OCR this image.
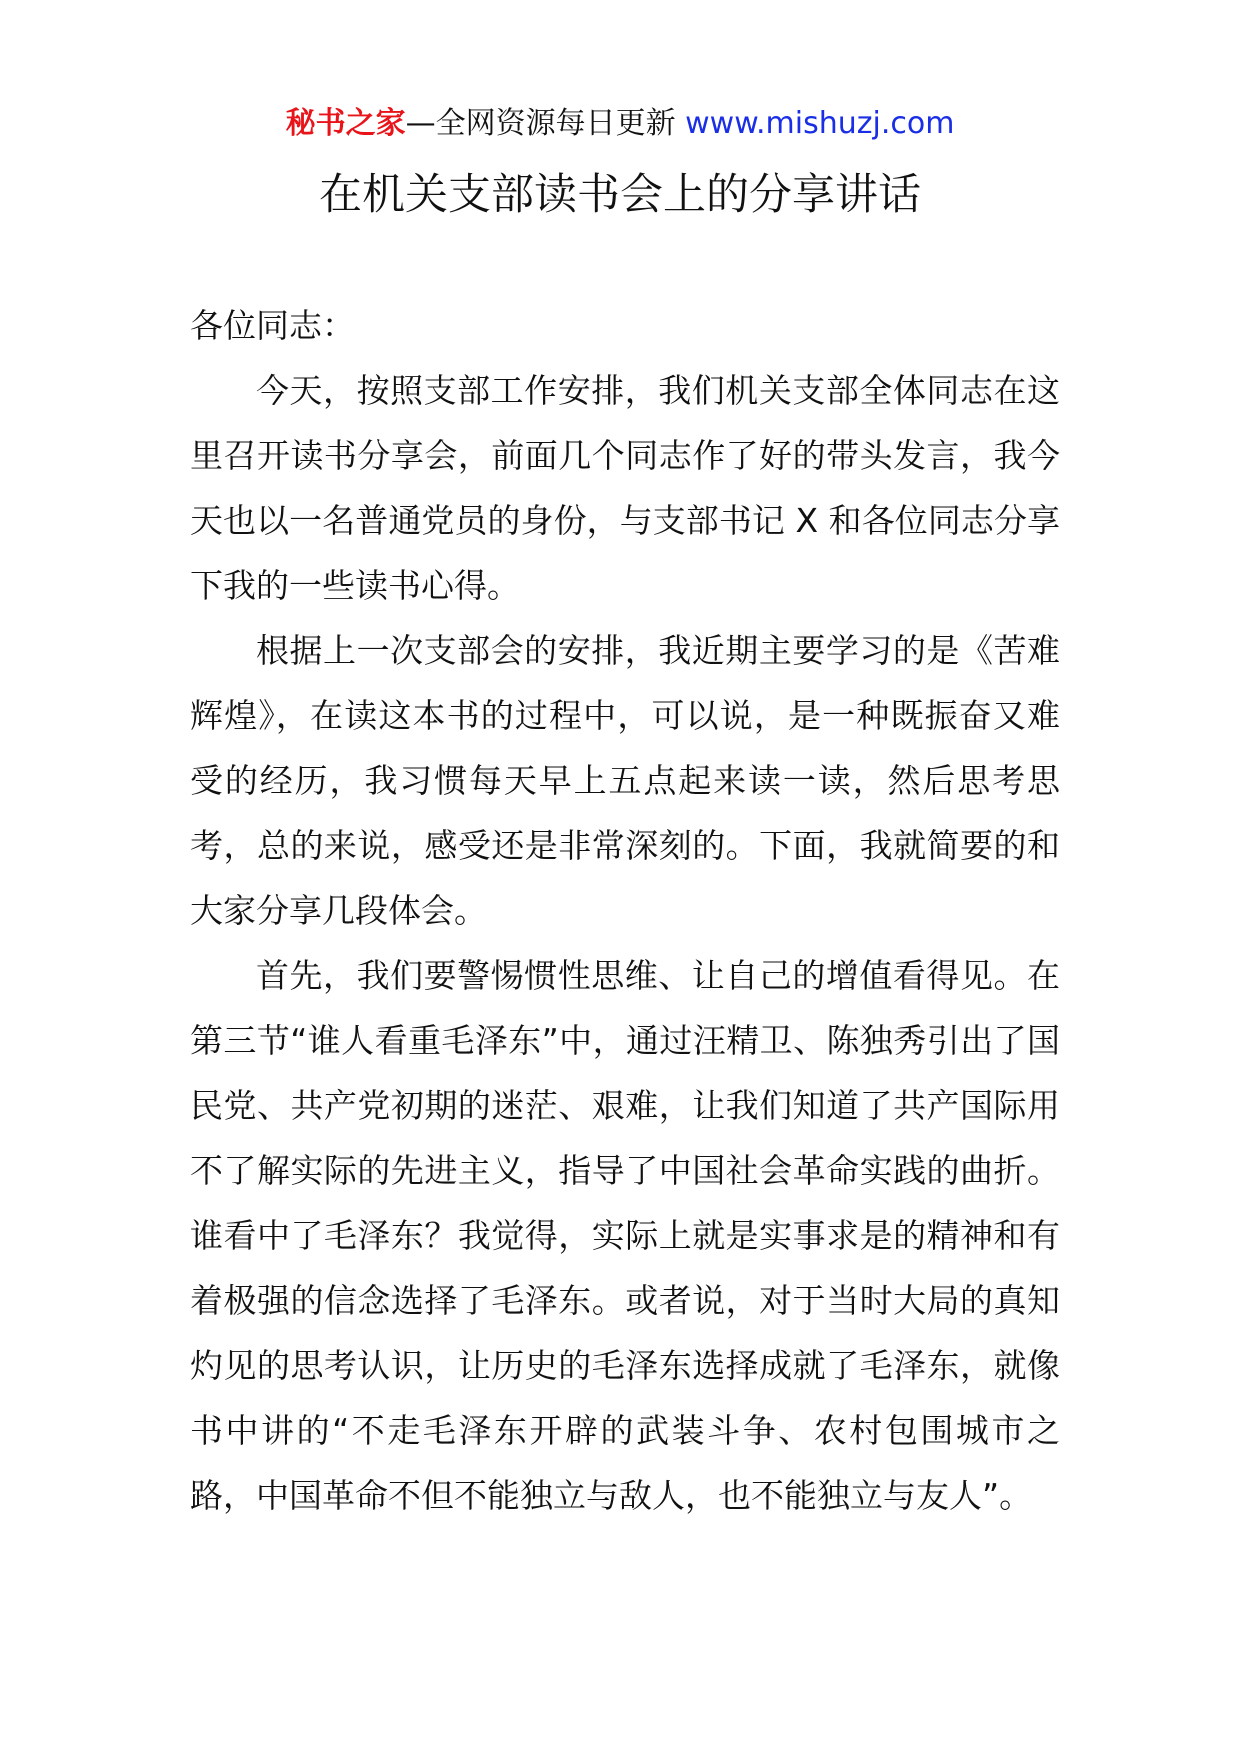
秘书之家—全网资源每日更新 www.mishuzj.com
在机关支部读书会上的分享讲话

各位同志：

今天，按照支部工作安排，我们机关支部全体同志在这里召开读书分享会，前面几个同志作了好的带头发言，我今天也以一名普通党员的身份，与支部书记 X 和各位同志分享下我的一些读书心得。

根据上一次支部会的安排，我近期主要学习的是《苦难辉煌》，在读这本书的过程中，可以说，是一种既振奋又难受的经历，我习惯每天早上五点起来读一读，然后思考思考，总的来说，感受还是非常深刻的。下面，我就简要的和大家分享几段体会。

首先，我们要警惕惯性思维、让自己的增值看得见。在第三节“谁人看重毛泽东”中，通过汪精卫、陈独秀引出了国民党、共产党初期的迷茫、艰难，让我们知道了共产国际用不了解实际的先进主义，指导了中国社会革命实践的曲折。谁看中了毛泽东？我觉得，实际上就是实事求是的精神和有着极强的信念选择了毛泽东。或者说，对于当时大局的真知灼见的思考认识，让历史的毛泽东选择成就了毛泽东，就像书中讲的“不走毛泽东开辟的武装斗争、农村包围城市之路，中国革命不但不能独立与敌人，也不能独立与友人”。
